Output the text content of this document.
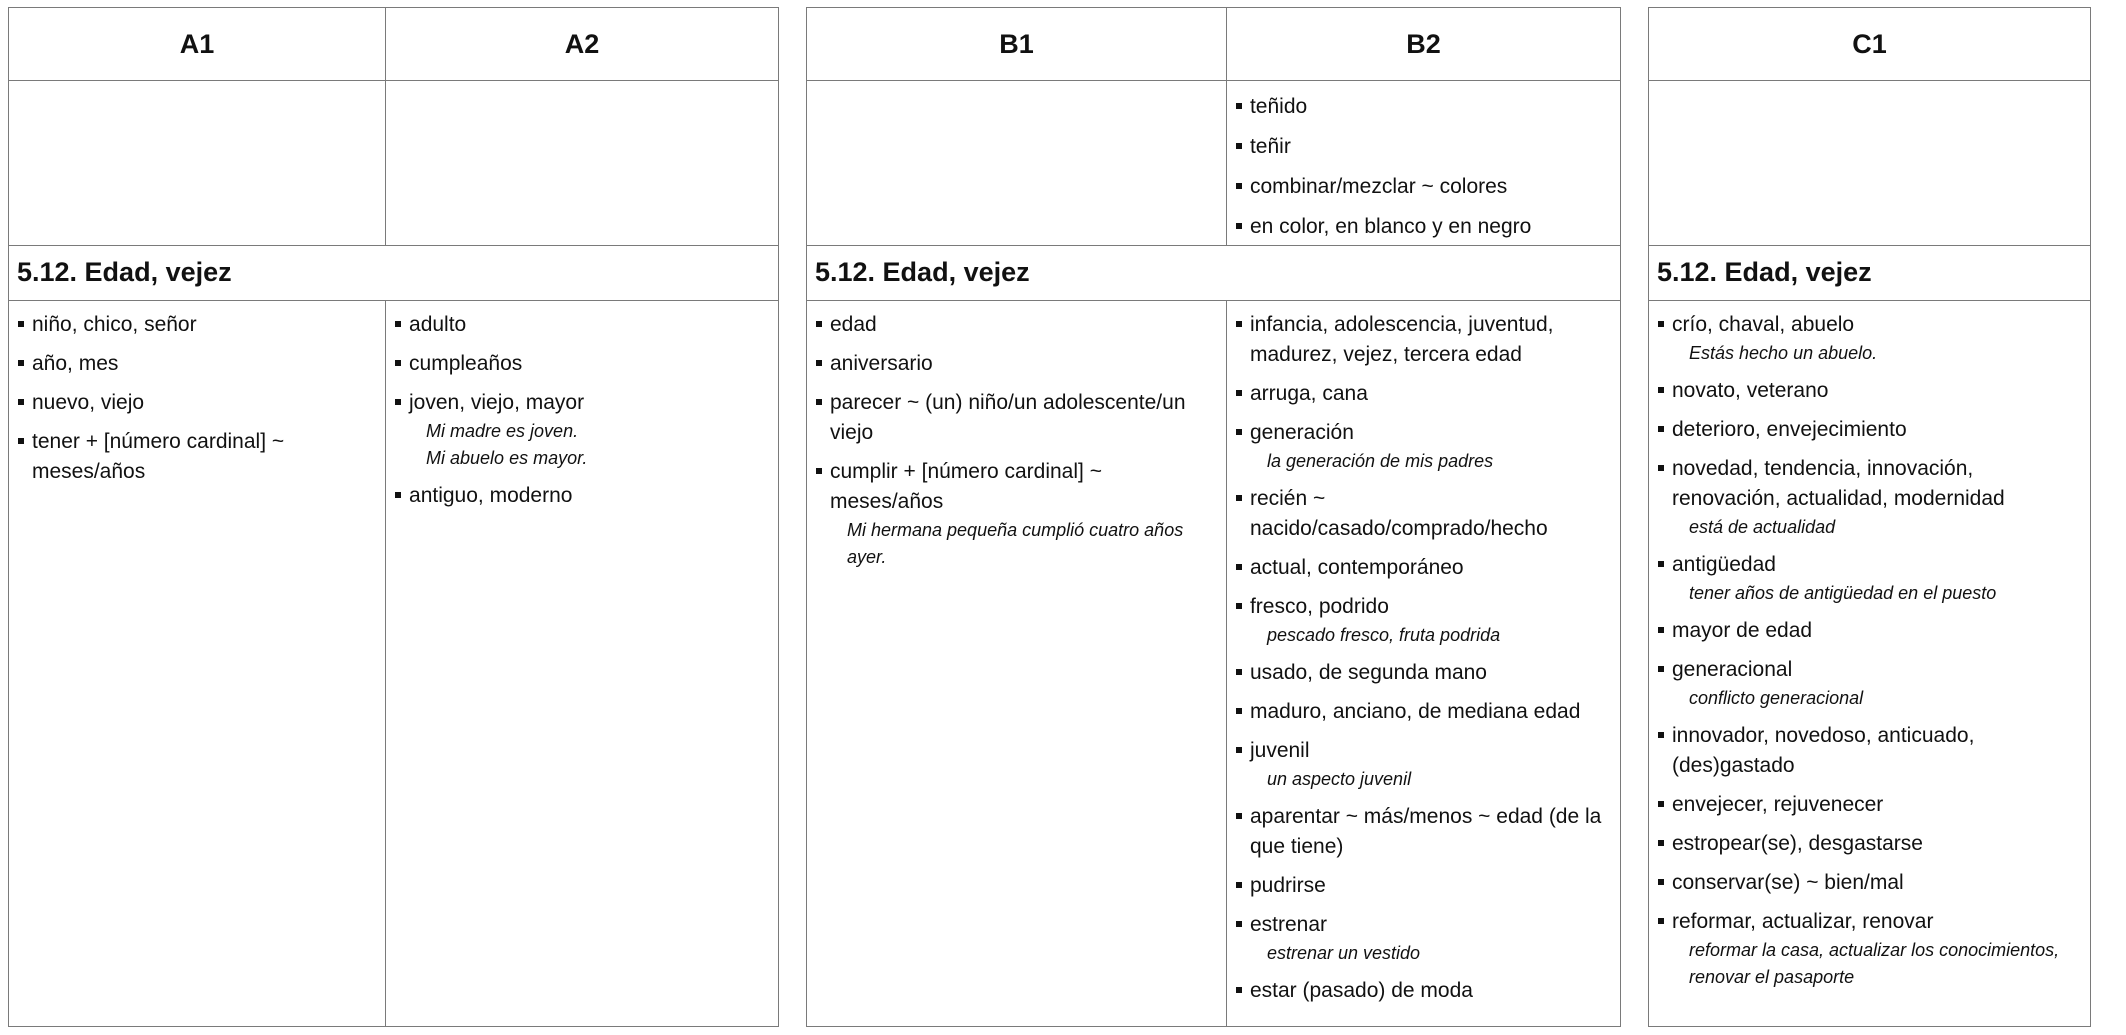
A1	A2
5.12. Edad, vejez
niño, chico, señor
año, mes
nuevo, viejo
tener + [número cardinal] ~ meses/años
adulto
cumpleaños
joven, viejo, mayor
Mi madre es joven.
Mi abuelo es mayor.
antiguo, moderno
B1	B2
teñido
teñir
combinar/mezclar ~ colores
en color, en blanco y en negro
5.12. Edad, vejez
edad
aniversario
parecer ~ (un) niño/un adolescente/un viejo
cumplir + [número cardinal] ~ meses/años
Mi hermana pequeña cumplió cuatro años ayer.
infancia, adolescencia, juventud, madurez, vejez, tercera edad
arruga, cana
generación
la generación de mis padres
recién ~ nacido/casado/comprado/hecho
actual, contemporáneo
fresco, podrido
pescado fresco, fruta podrida
usado, de segunda mano
maduro, anciano, de mediana edad
juvenil
un aspecto juvenil
aparentar ~ más/menos ~ edad (de la que tiene)
pudrirse
estrenar
estrenar un vestido
estar (pasado) de moda
C1
5.12. Edad, vejez
crío, chaval, abuelo
Estás hecho un abuelo.
novato, veterano
deterioro, envejecimiento
novedad, tendencia, innovación, renovación, actualidad, modernidad
está de actualidad
antigüedad
tener años de antigüedad en el puesto
mayor de edad
generacional
conflicto generacional
innovador, novedoso, anticuado, (des)gastado
envejecer, rejuvenecer
estropear(se), desgastarse
conservar(se) ~ bien/mal
reformar, actualizar, renovar
reformar la casa, actualizar los conocimientos, renovar el pasaporte
